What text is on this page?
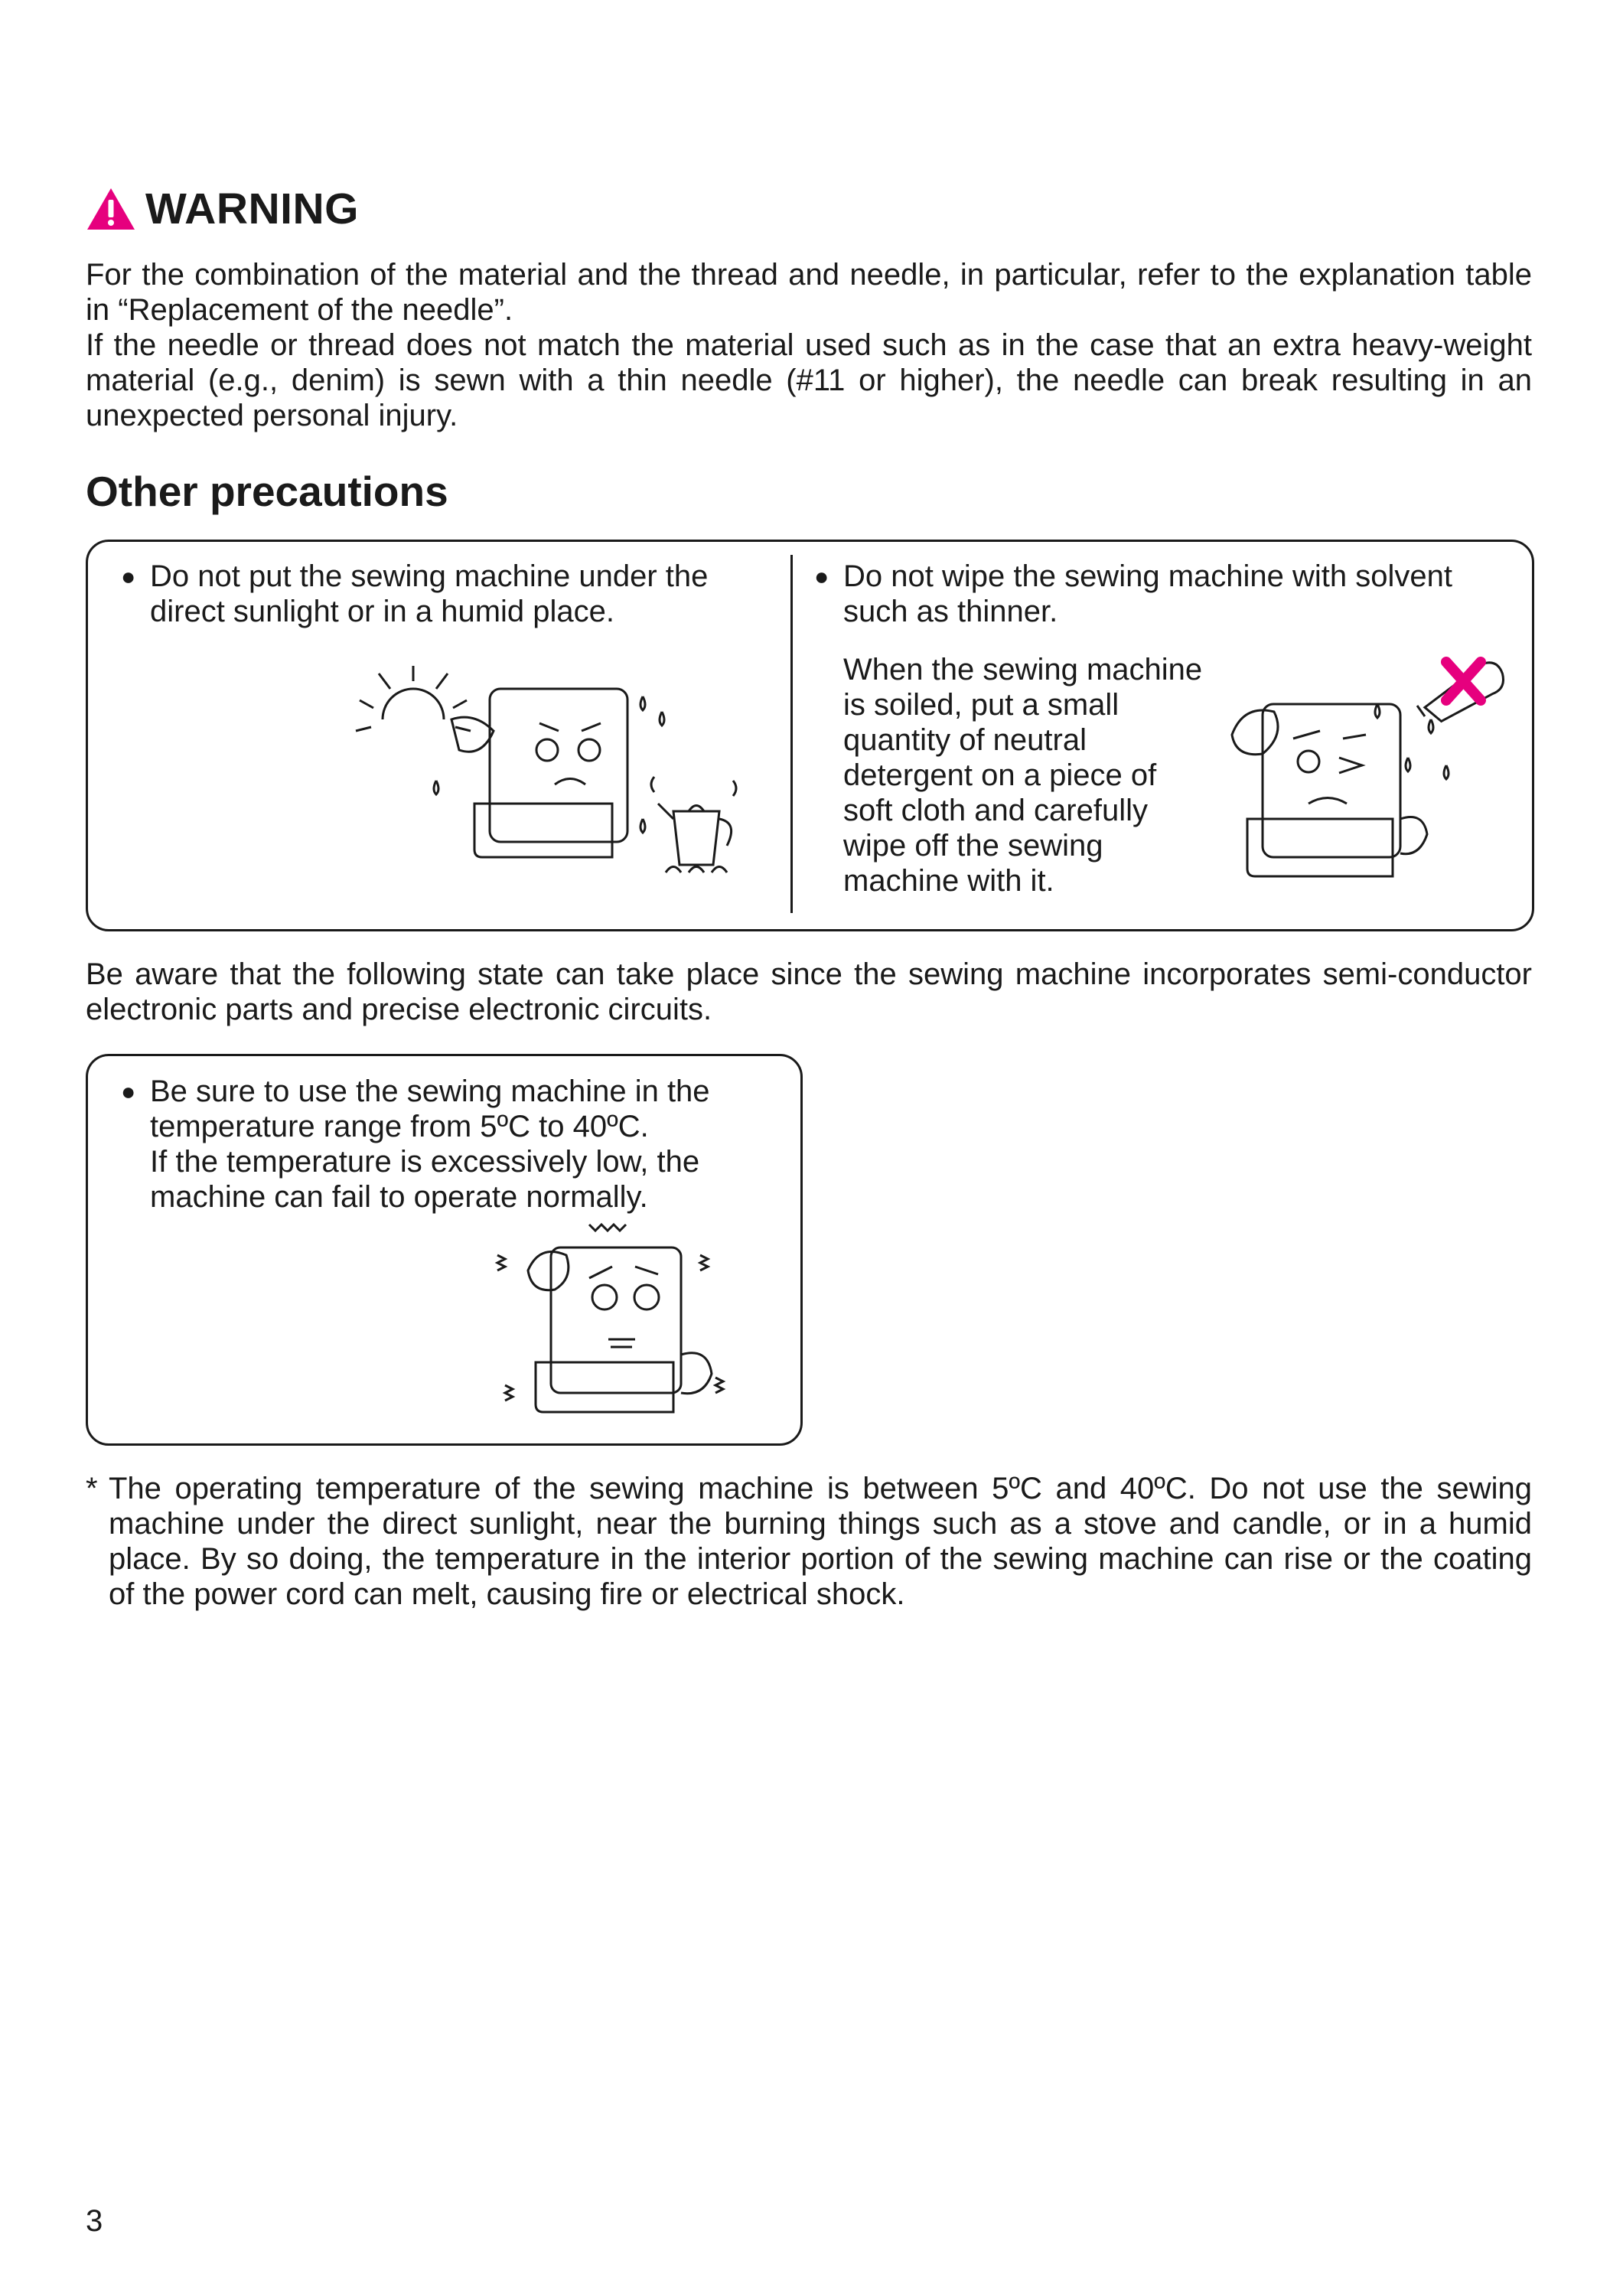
WARNING
For the combination of the material and the thread and needle, in particular, refer to the explanation table in “Replacement of the needle”.
If the needle or thread does not match the material used such as in the case that an extra heavy-weight material (e.g., denim) is sewn with a thin needle (#11 or higher), the needle can break resulting in an unexpected personal injury.
Other precautions
● Do not put the sewing machine under the direct sunlight or in a humid place.
● Do not wipe the sewing machine with solvent such as thinner.
When the sewing machine is soiled, put a small quantity of neutral detergent on a piece of soft cloth and carefully wipe off the sewing machine with it.
Be aware that the following state can take place since the sewing machine incorporates semi-conductor electronic parts and precise electronic circuits.
● Be sure to use the sewing machine in the temperature range from 5ºC to 40ºC.
If the temperature is excessively low, the machine can fail to operate normally.
* The operating temperature of the sewing machine is between 5ºC and 40ºC. Do not use the sewing machine under the direct sunlight, near the burning things such as a stove and candle, or in a humid place. By so doing, the temperature in the interior portion of the sewing machine can rise or the coating of the power cord can melt, causing fire or electrical shock.
3
